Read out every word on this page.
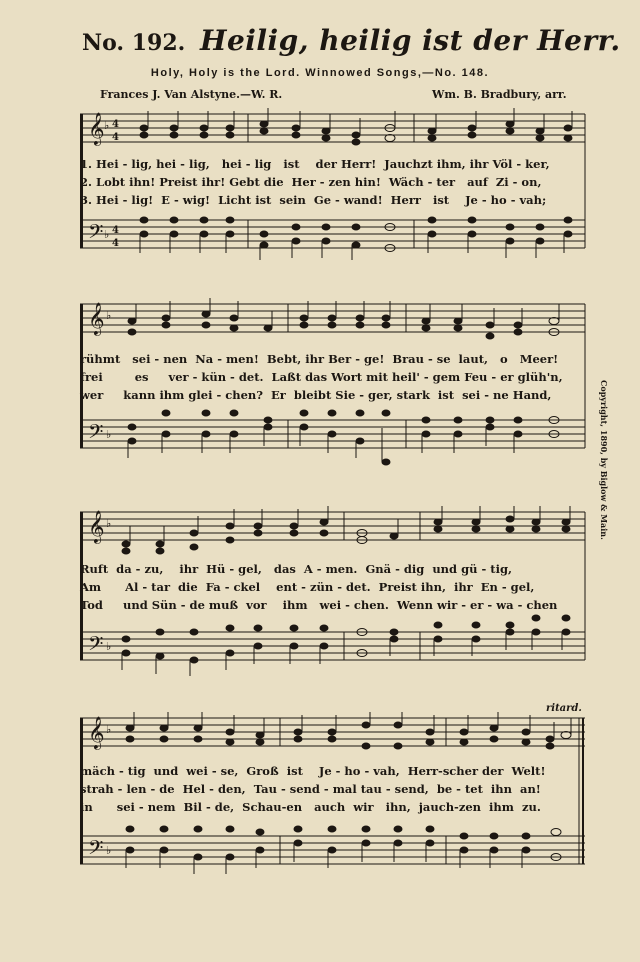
No. 192. Heilig, heilig ist der Herr.
Holy, Holy is the Lord. Winnowed Songs,—No. 148.
Frances J. Van Alstyne.—W. R.	Wm. B. Bradbury, arr.
𝄞
𝄢
♭ 4
4
♭ 4
4
1. Hei - lig, hei - lig,   hei - lig   ist    der Herr!  Jauchzt ihm, ihr Völ - ker,
2. Lobt ihn! Preist ihr! Gebt die  Her - zen hin!  Wäch - ter   auf  Zi - on,
3. Hei - lig!  E - wig!  Licht ist  sein  Ge - wand!  Herr   ist    Je - ho - vah;
𝄞
𝄢
♭
♭
rühmt   sei - nen  Na - men!  Bebt, ihr Ber - ge!  Brau - se  laut,   o   Meer!
frei        es     ver - kün - det.  Laßt das Wort mit heil' - gem Feu - er glüh'n,
wer     kann ihm glei - chen?  Er  bleibt Sie - ger, stark  ist  sei - ne Hand,
𝄞
𝄢
♭
♭
Ruft  da - zu,    ihr  Hü - gel,   das  A - men.  Gnä - dig  und gü - tig,
Am      Al - tar  die  Fa - ckel    ent - zün - det.  Preist ihn,  ihr  En - gel,
Tod     und Sün - de muß  vor    ihm   wei - chen.  Wenn wir - er - wa - chen
ritard.
𝄞
𝄢
♭
♭
mäch - tig  und  wei - se,  Groß  ist    Je - ho - vah,  Herr-scher der  Welt!
strah - len - de  Hel - den,  Tau - send - mal tau - send,  be - tet  ihn  an!
in      sei - nem  Bil - de,  Schau-en   auch  wir   ihn,  jauch-zen  ihm  zu.
Copyright, 1890, by Biglow & Main.
